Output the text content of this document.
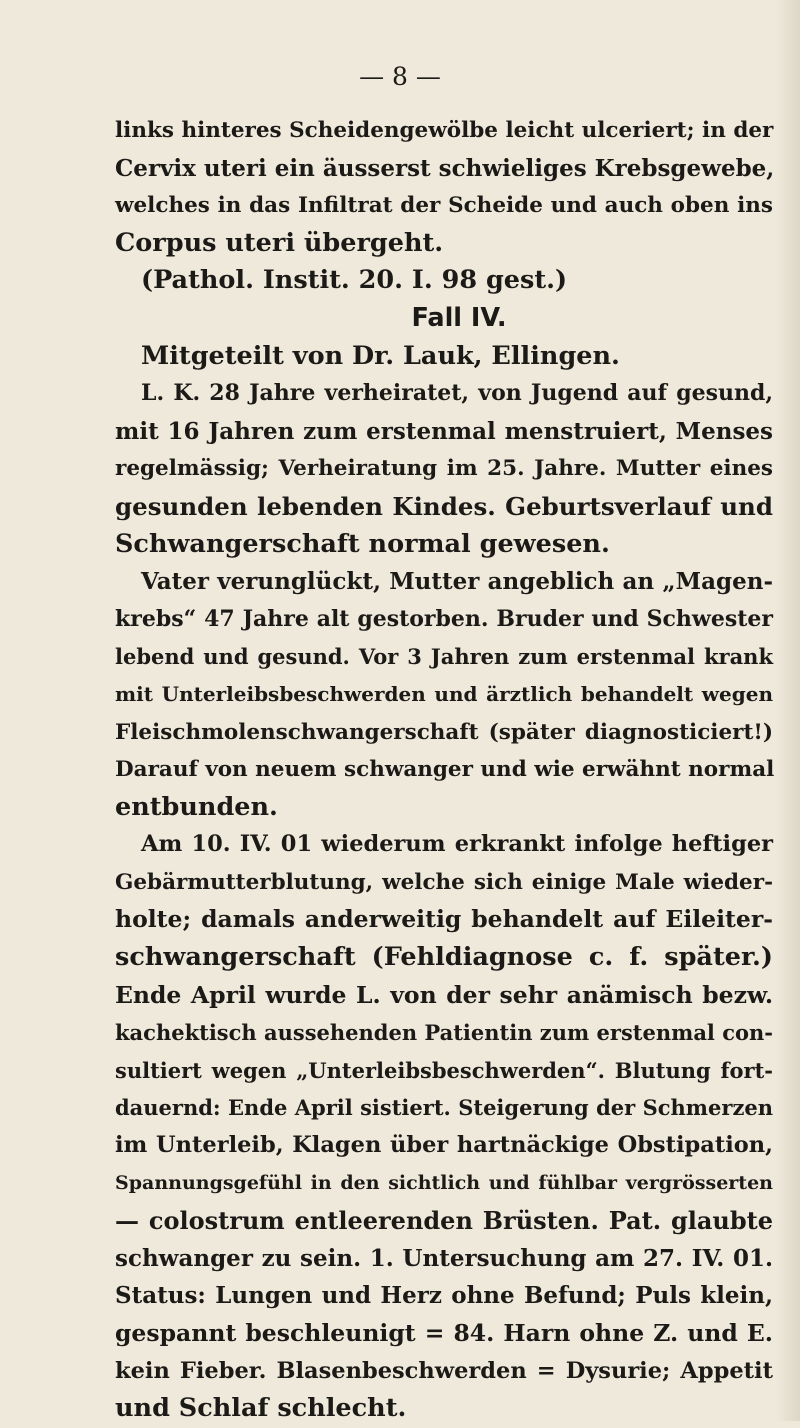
— 8 —
links hinteres Scheidengewölbe leicht ulceriert; in der
Cervix uteri ein äusserst schwieliges Krebsgewebe,
welches in das Infiltrat der Scheide und auch oben ins
Corpus uteri übergeht.
(Pathol. Instit. 20. I. 98 gest.)
Fall IV.
Mitgeteilt von Dr. Lauk, Ellingen.
L. K. 28 Jahre verheiratet, von Jugend auf gesund,
mit 16 Jahren zum erstenmal menstruiert, Menses
regelmässig; Verheiratung im 25. Jahre. Mutter eines
gesunden lebenden Kindes. Geburtsverlauf und
Schwangerschaft normal gewesen.
Vater verunglückt, Mutter angeblich an „Magen-
krebs“ 47 Jahre alt gestorben. Bruder und Schwester
lebend und gesund. Vor 3 Jahren zum erstenmal krank
mit Unterleibsbeschwerden und ärztlich behandelt wegen
Fleischmolenschwangerschaft (später diagnosticiert!)
Darauf von neuem schwanger und wie erwähnt normal
entbunden.
Am 10. IV. 01 wiederum erkrankt infolge heftiger
Gebärmutterblutung, welche sich einige Male wieder-
holte; damals anderweitig behandelt auf Eileiter-
schwangerschaft (Fehldiagnose c. f. später.)
Ende April wurde L. von der sehr anämisch bezw.
kachektisch aussehenden Patientin zum erstenmal con-
sultiert wegen „Unterleibsbeschwerden“. Blutung fort-
dauernd: Ende April sistiert. Steigerung der Schmerzen
im Unterleib, Klagen über hartnäckige Obstipation,
Spannungsgefühl in den sichtlich und fühlbar vergrösserten
— colostrum entleerenden Brüsten. Pat. glaubte
schwanger zu sein. 1. Untersuchung am 27. IV. 01.
Status: Lungen und Herz ohne Befund; Puls klein,
gespannt beschleunigt = 84. Harn ohne Z. und E.
kein Fieber. Blasenbeschwerden = Dysurie; Appetit
und Schlaf schlecht.
